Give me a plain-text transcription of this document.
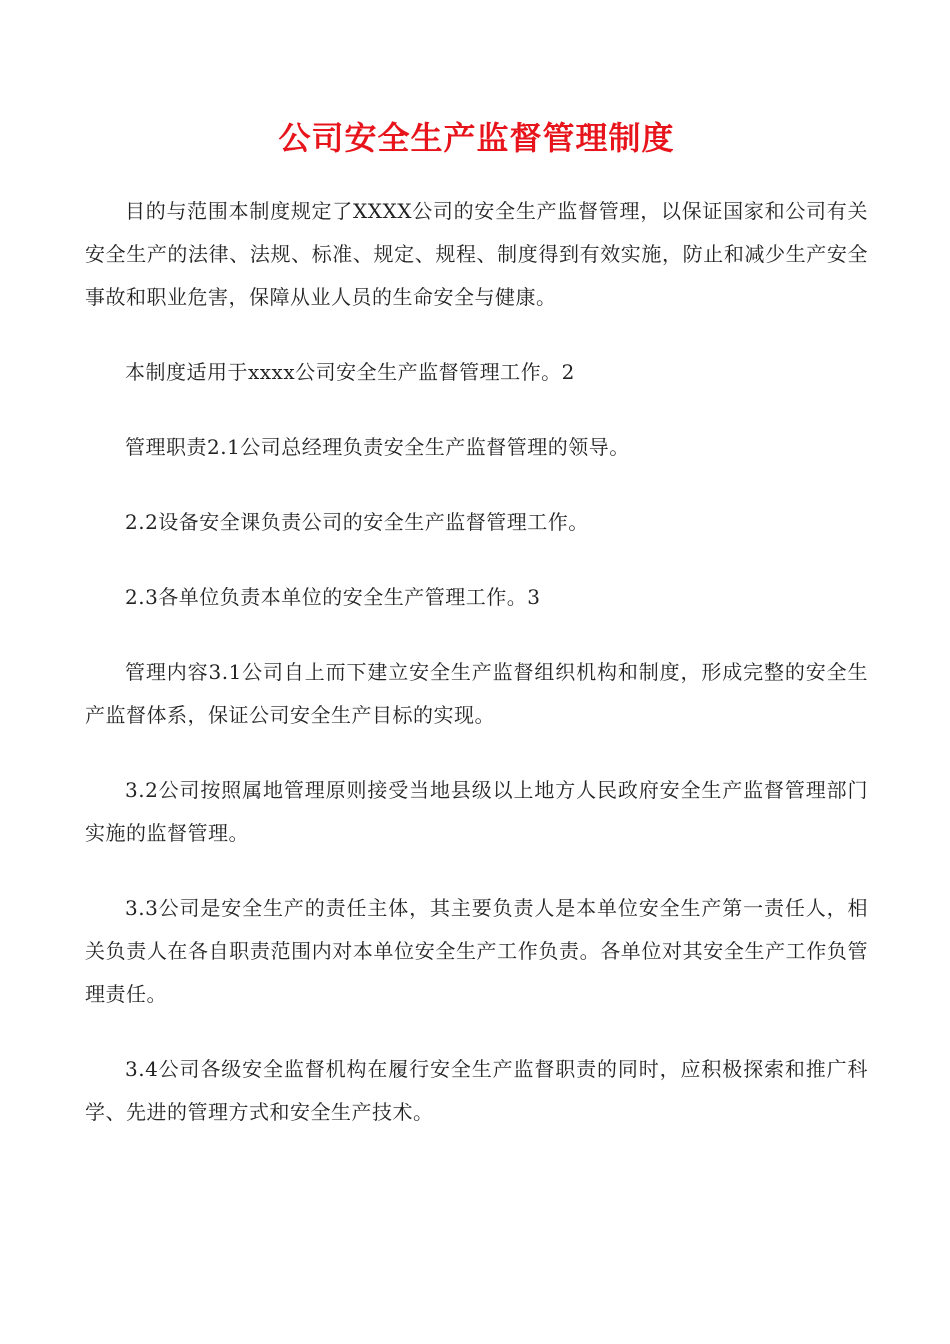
公司安全生产监督管理制度

目的与范围本制度规定了XXXX公司的安全生产监督管理，以保证国家和公司有关安全生产的法律、法规、标准、规定、规程、制度得到有效实施，防止和减少生产安全事故和职业危害，保障从业人员的生命安全与健康。

本制度适用于xxxx公司安全生产监督管理工作。2

管理职责2.1公司总经理负责安全生产监督管理的领导。

2.2设备安全课负责公司的安全生产监督管理工作。

2.3各单位负责本单位的安全生产管理工作。3

管理内容3.1公司自上而下建立安全生产监督组织机构和制度，形成完整的安全生产监督体系，保证公司安全生产目标的实现。

3.2公司按照属地管理原则接受当地县级以上地方人民政府安全生产监督管理部门实施的监督管理。

3.3公司是安全生产的责任主体，其主要负责人是本单位安全生产第一责任人，相关负责人在各自职责范围内对本单位安全生产工作负责。各单位对其安全生产工作负管理责任。

3.4公司各级安全监督机构在履行安全生产监督职责的同时，应积极探索和推广科学、先进的管理方式和安全生产技术。
